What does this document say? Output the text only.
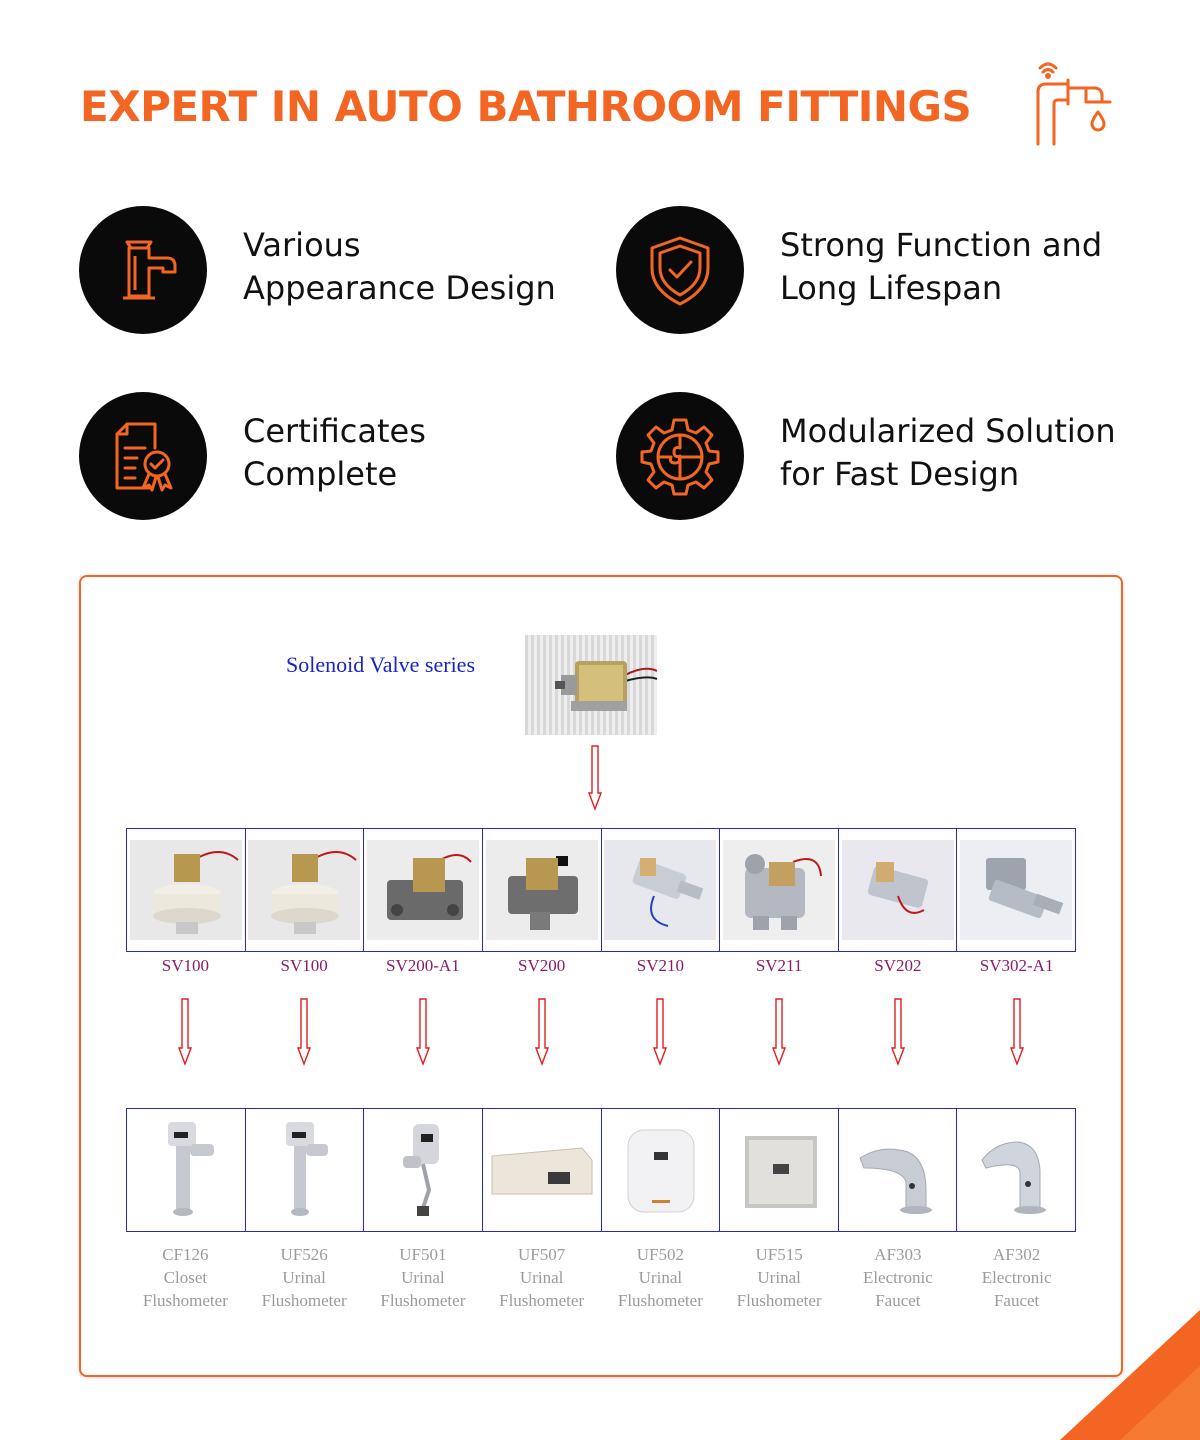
EXPERT IN AUTO BATHROOM FITTINGS
Various
Appearance Design
Strong Function and
Long Lifespan
Certificates
Complete
Modularized Solution
for Fast Design
Solenoid Valve series
SV100	SV100	SV200-A1	SV200	SV210	SV211	SV202	SV302-A1
CF126
Closet
Flushometer
UF526
Urinal
Flushometer
UF501
Urinal
Flushometer
UF507
Urinal
Flushometer
UF502
Urinal
Flushometer
UF515
Urinal
Flushometer
AF303
Electronic
Faucet
AF302
Electronic
Faucet
